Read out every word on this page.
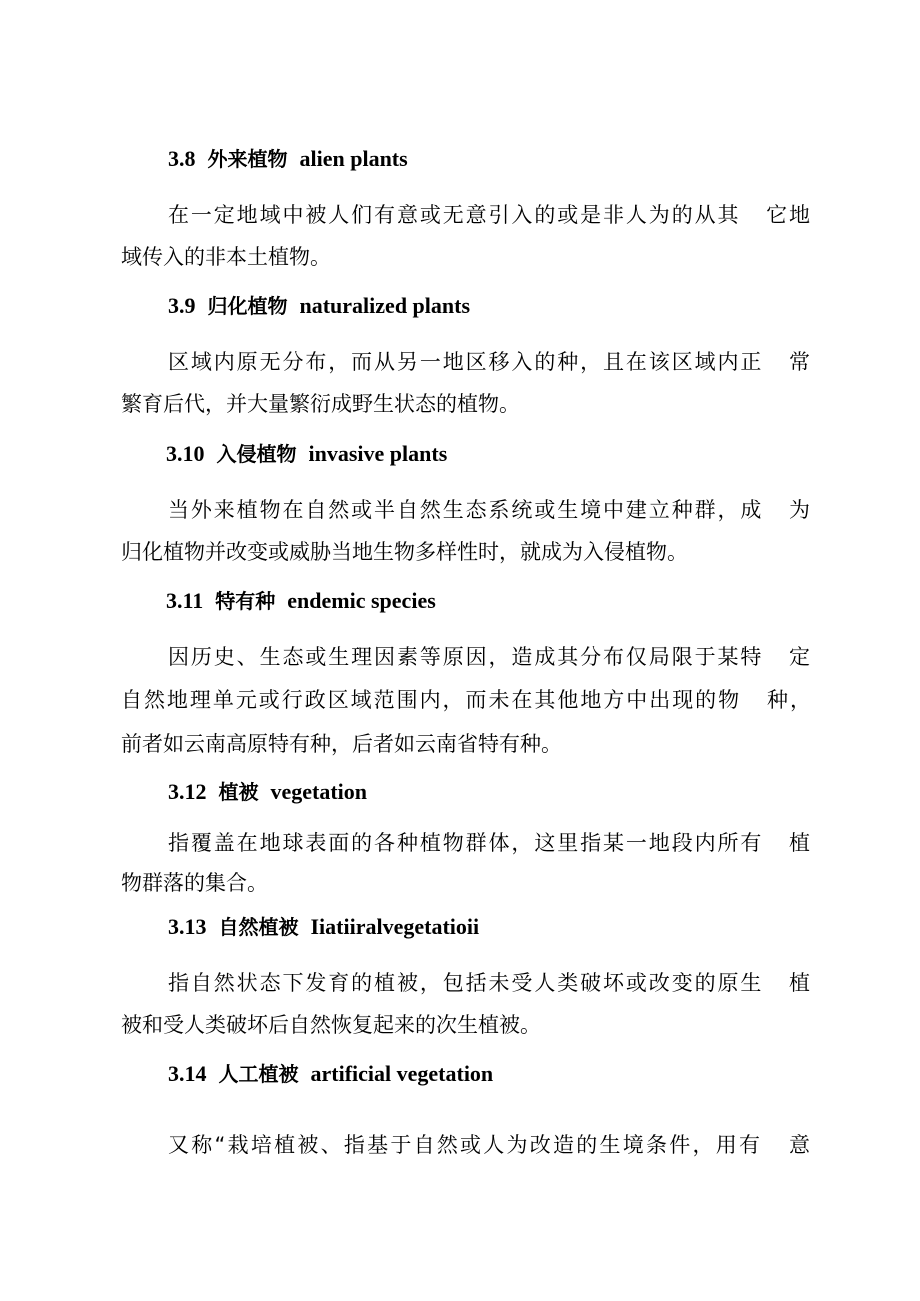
3.8 外来植物 alien plants
在一定地域中被人们有意或无意引入的或是非人为的从其   它地
域传入的非本土植物。
3.9 归化植物 naturalized plants
区域内原无分布，而从另一地区移入的种，且在该区域内正   常
繁育后代，并大量繁衍成野生状态的植物。
3.10 入侵植物 invasive plants
当外来植物在自然或半自然生态系统或生境中建立种群，成   为
归化植物并改变或威胁当地生物多样性时，就成为入侵植物。
3.11 特有种 endemic species
因历史、生态或生理因素等原因，造成其分布仅局限于某特   定
自然地理单元或行政区域范围内，而未在其他地方中出现的物   种，
前者如云南高原特有种，后者如云南省特有种。
3.12 植被 vegetation
指覆盖在地球表面的各种植物群体，这里指某一地段内所有   植
物群落的集合。
3.13 自然植被 Iiatiiralvegetatioii
指自然状态下发育的植被，包括未受人类破坏或改变的原生   植
被和受人类破坏后自然恢复起来的次生植被。
3.14 人工植被 artificial vegetation
又称“栽培植被、指基于自然或人为改造的生境条件，用有   意
